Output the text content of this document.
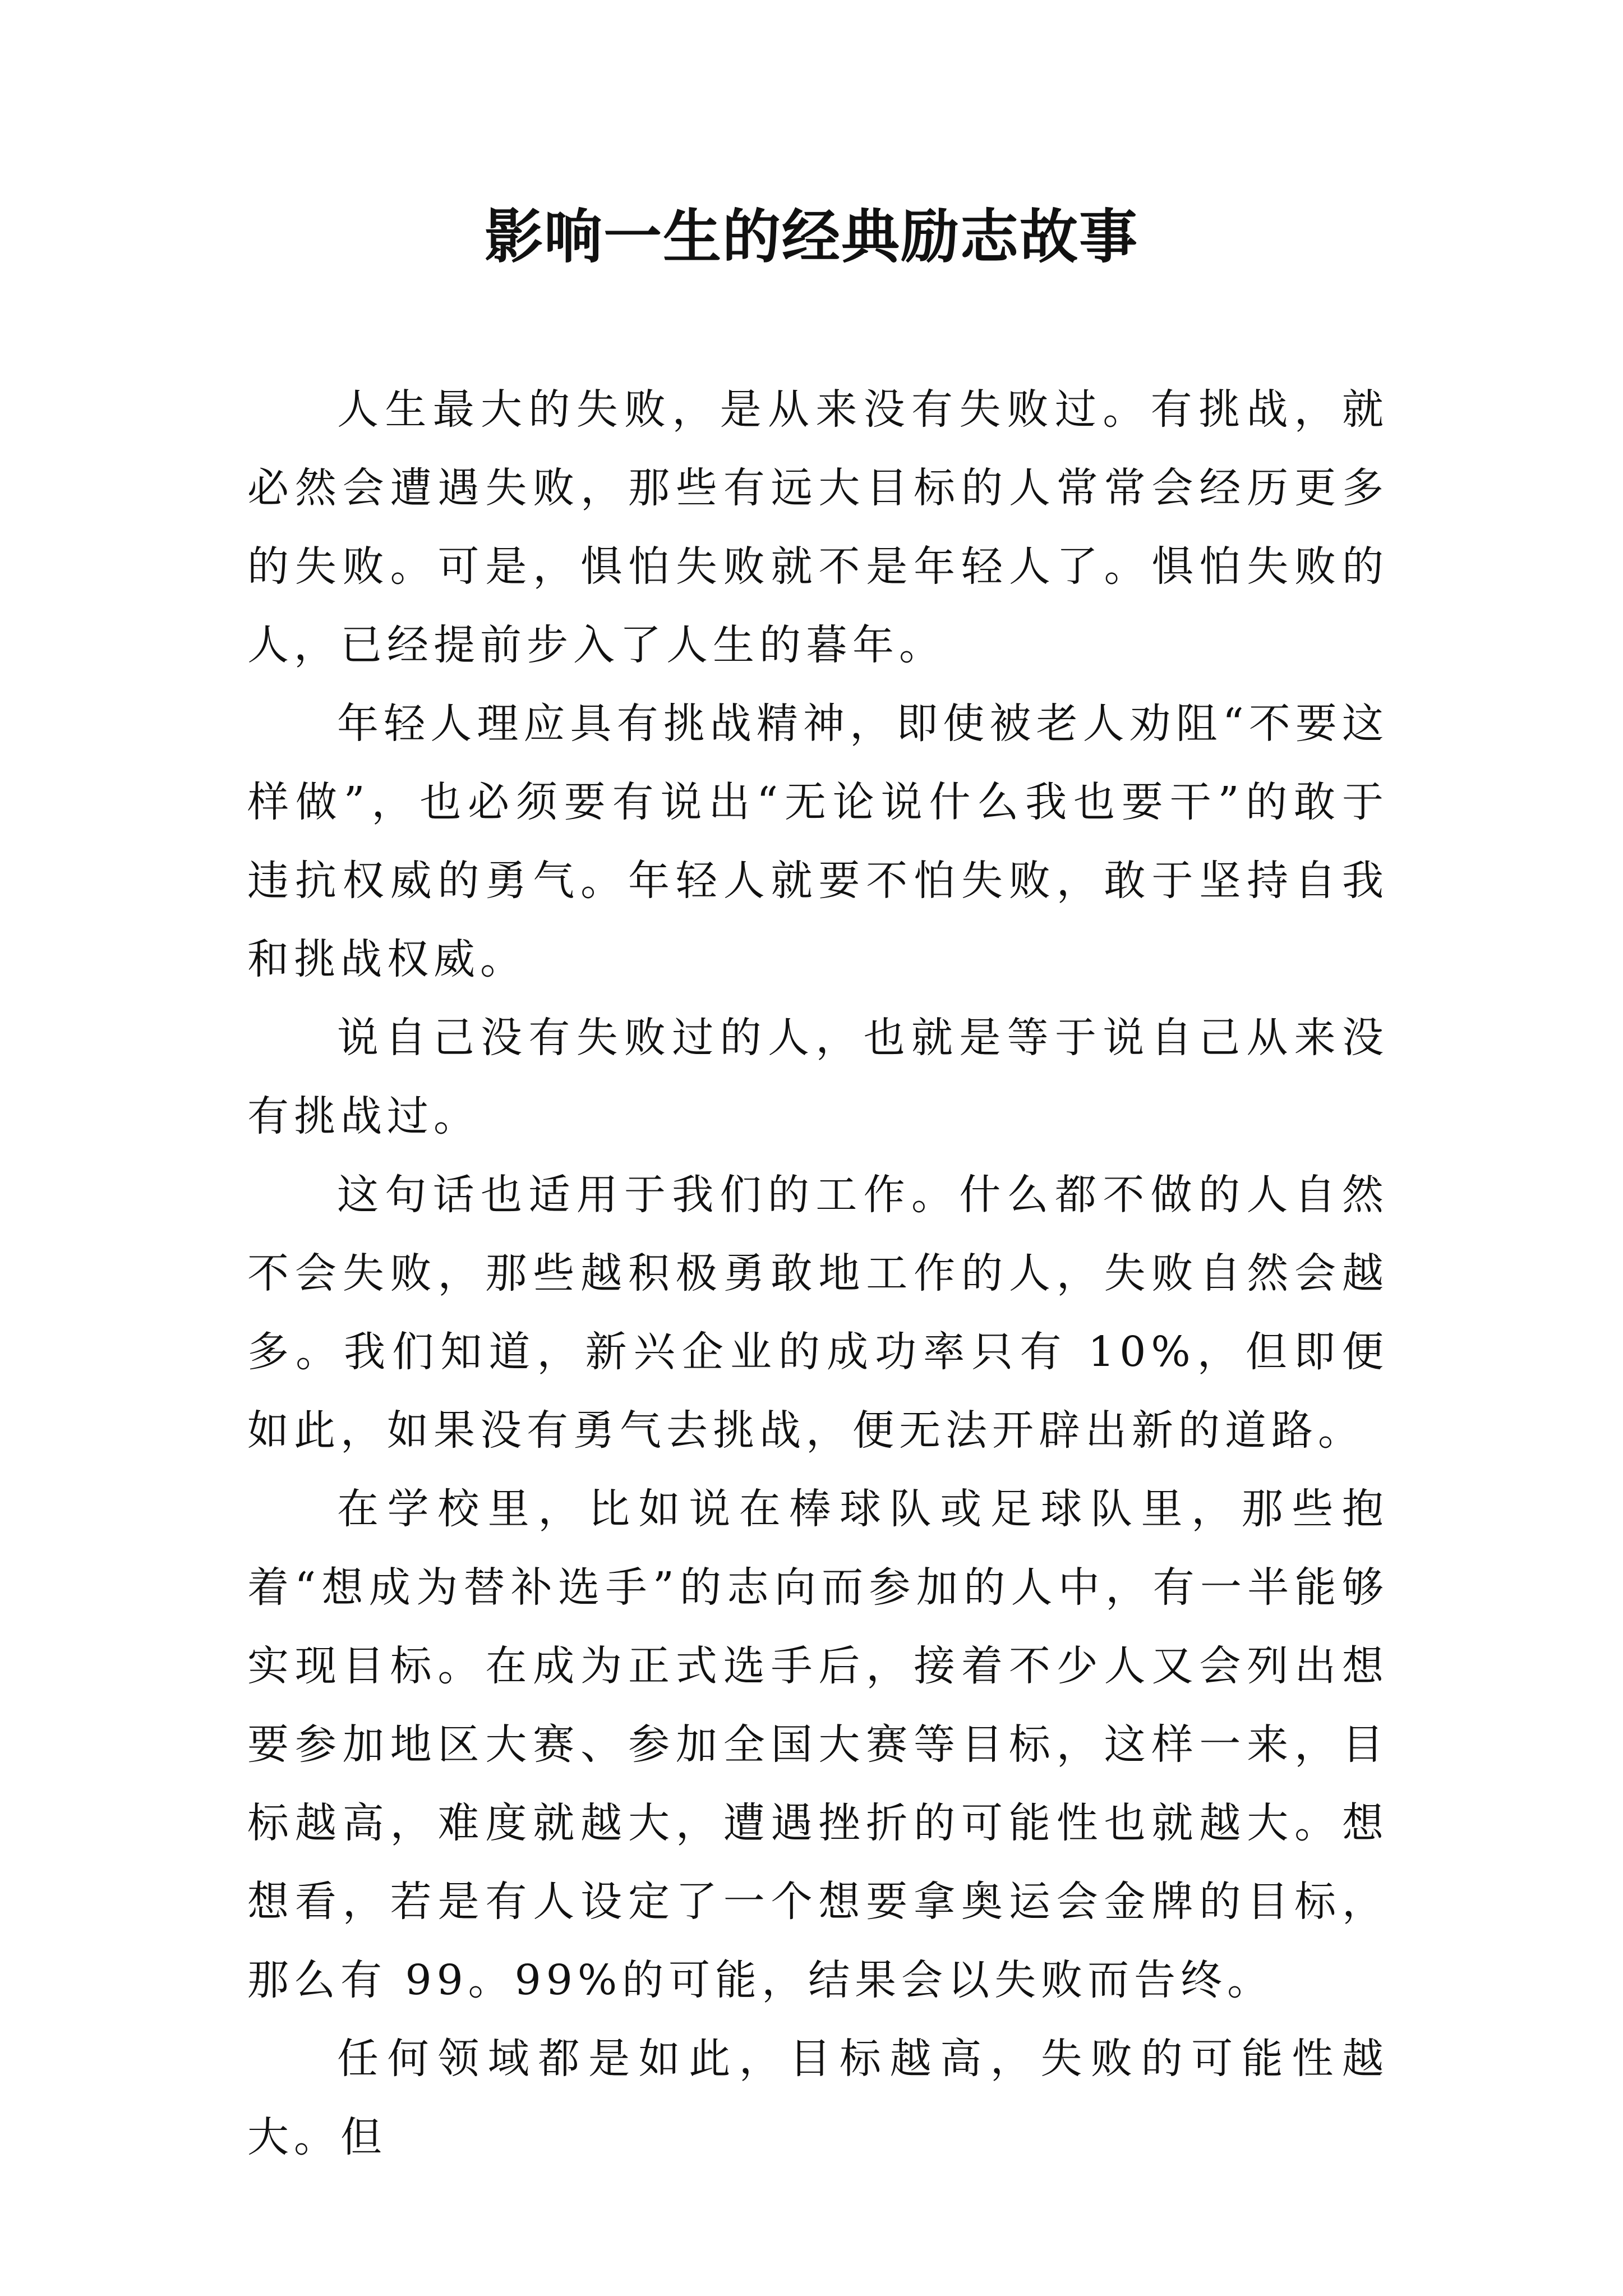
影响一生的经典励志故事

人生最大的失败，是从来没有失败过。有挑战，就必然会遭遇失败，那些有远大目标的人常常会经历更多的失败。可是，惧怕失败就不是年轻人了。惧怕失败的人，已经提前步入了人生的暮年。

年轻人理应具有挑战精神，即使被老人劝阻“不要这样做”，也必须要有说出“无论说什么我也要干”的敢于违抗权威的勇气。年轻人就要不怕失败，敢于坚持自我和挑战权威。

说自己没有失败过的人，也就是等于说自己从来没有挑战过。

这句话也适用于我们的工作。什么都不做的人自然不会失败，那些越积极勇敢地工作的人，失败自然会越多。我们知道，新兴企业的成功率只有 10%，但即便如此，如果没有勇气去挑战，便无法开辟出新的道路。

在学校里，比如说在棒球队或足球队里，那些抱着“想成为替补选手”的志向而参加的人中，有一半能够实现目标。在成为正式选手后，接着不少人又会列出想要参加地区大赛、参加全国大赛等目标，这样一来，目标越高，难度就越大，遭遇挫折的可能性也就越大。想想看，若是有人设定了一个想要拿奥运会金牌的目标，那么有 99。99%的可能，结果会以失败而告终。

任何领域都是如此，目标越高，失败的可能性越大。但
